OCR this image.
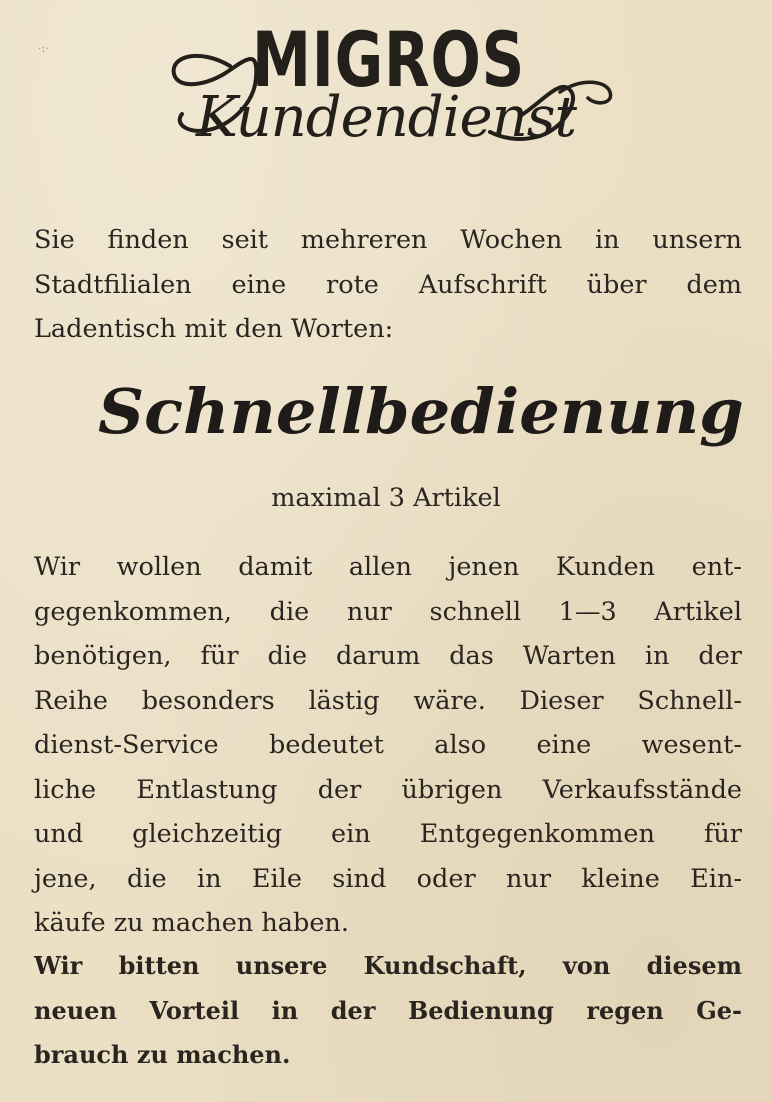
·:·	MIGROS
Kundendienst
Sie finden seit mehreren Wochen in unsern
Stadtfilialen eine rote Aufschrift über dem
Ladentisch mit den Worten:
Schnellbedienung
maximal 3 Artikel
Wir wollen damit allen jenen Kunden ent-
gegenkommen, die nur schnell 1—3 Artikel
benötigen, für die darum das Warten in der
Reihe besonders lästig wäre. Dieser Schnell-
dienst-Service bedeutet also eine wesent-
liche Entlastung der übrigen Verkaufsstände
und gleichzeitig ein Entgegenkommen für
jene, die in Eile sind oder nur kleine Ein-
käufe zu machen haben.
Wir bitten unsere Kundschaft, von diesem
neuen Vorteil in der Bedienung regen Ge-
brauch zu machen.
